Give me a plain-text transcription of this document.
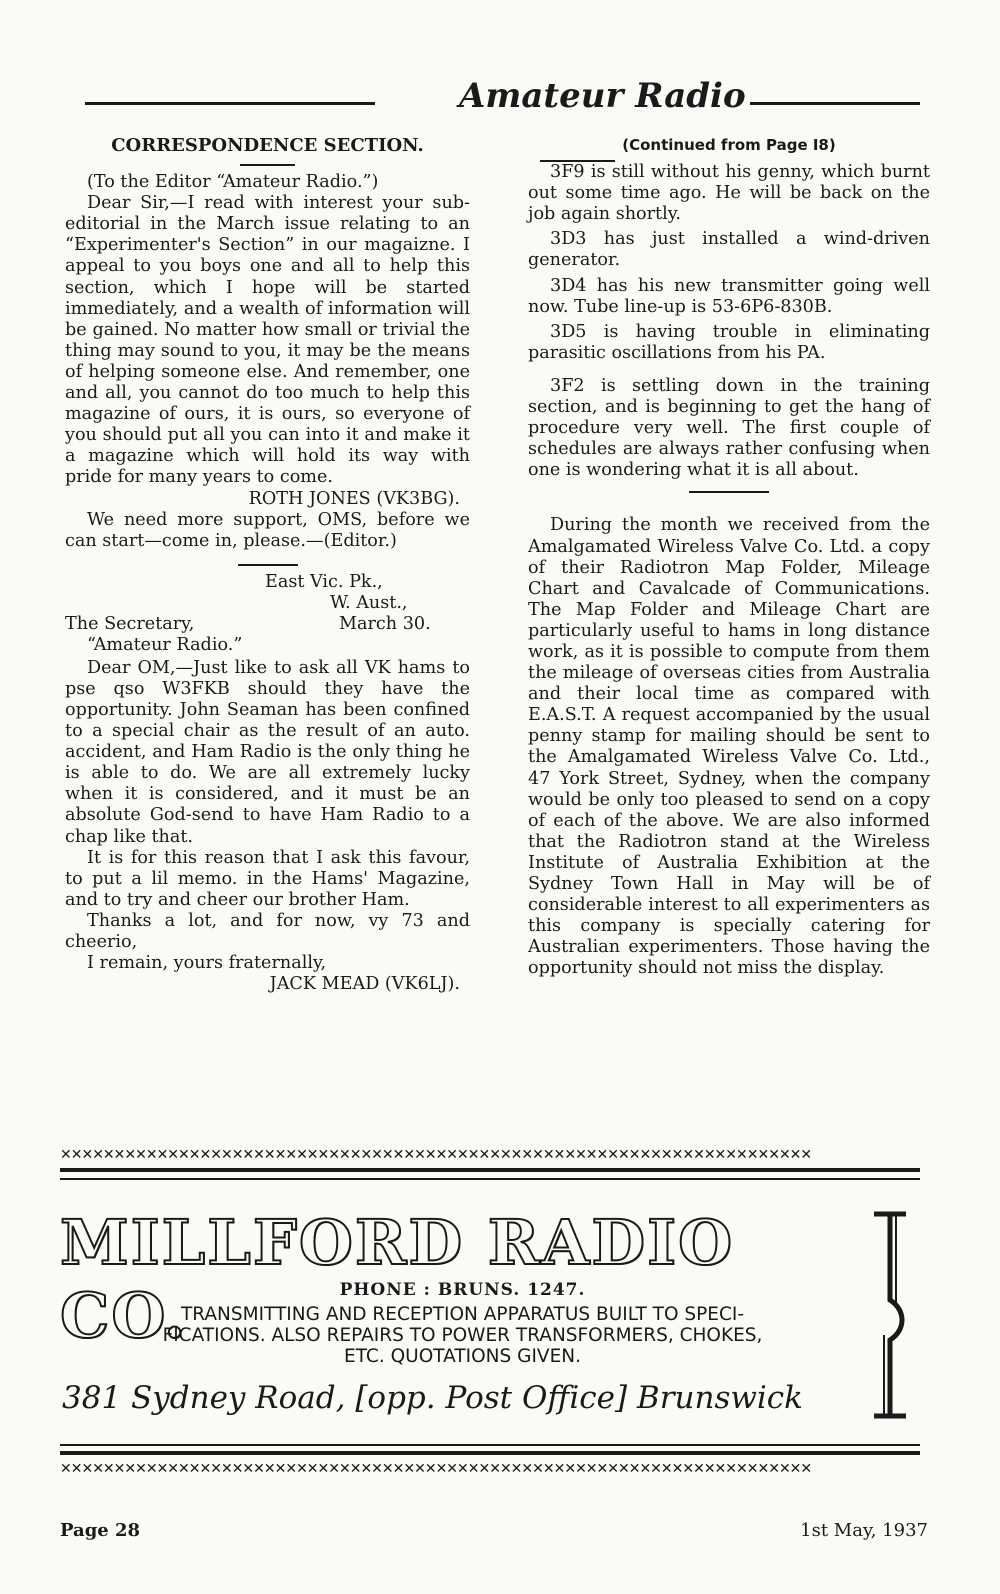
Amateur Radio

CORRESPONDENCE SECTION.

(To the Editor “Amateur Radio.”)

Dear Sir,—I read with interest your sub-editorial in the March issue relating to an “Experimenter's Section” in our magaizne. I appeal to you boys one and all to help this section, which I hope will be started immediately, and a wealth of information will be gained. No matter how small or trivial the thing may sound to you, it may be the means of helping someone else. And remember, one and all, you cannot do too much to help this magazine of ours, it is ours, so everyone of you should put all you can into it and make it a magazine which will hold its way with pride for many years to come.

ROTH JONES (VK3BG).

We need more support, OMS, before we can start—come in, please.—(Editor.)

East Vic. Pk.,
W. Aust.,
The Secretary,	March 30.
“Amateur Radio.”

Dear OM,—Just like to ask all VK hams to pse qso W3FKB should they have the opportunity. John Seaman has been confined to a special chair as the result of an auto. accident, and Ham Radio is the only thing he is able to do. We are all extremely lucky when it is considered, and it must be an absolute God-send to have Ham Radio to a chap like that.

It is for this reason that I ask this favour, to put a lil memo. in the Hams' Magazine, and to try and cheer our brother Ham.

Thanks a lot, and for now, vy 73 and cheerio,

I remain, yours fraternally,

JACK MEAD (VK6LJ).

(Continued from Page I8)

3F9 is still without his genny, which burnt out some time ago. He will be back on the job again shortly.

3D3 has just installed a wind-driven generator.

3D4 has his new transmitter going well now. Tube line-up is 53-6P6-830B.

3D5 is having trouble in eliminating parasitic oscillations from his PA.

3F2 is settling down in the training section, and is beginning to get the hang of procedure very well. The first couple of schedules are always rather confusing when one is wondering what it is all about.

During the month we received from the Amalgamated Wireless Valve Co. Ltd. a copy of their Radiotron Map Folder, Mileage Chart and Cavalcade of Communications. The Map Folder and Mileage Chart are particularly useful to hams in long distance work, as it is possible to compute from them the mileage of overseas cities from Australia and their local time as compared with E.A.S.T. A request accompanied by the usual penny stamp for mailing should be sent to the Amalgamated Wireless Valve Co. Ltd., 47 York Street, Sydney, when the company would be only too pleased to send on a copy of each of the above. We are also informed that the Radiotron stand at the Wireless Institute of Australia Exhibition at the Sydney Town Hall in May will be of considerable interest to all experimenters as this company is specially catering for Australian experimenters. Those having the opportunity should not miss the display.

✕✕✕✕✕✕✕✕✕✕✕✕✕✕✕✕✕✕✕✕✕✕✕✕✕✕✕✕✕✕✕✕✕✕✕✕✕✕✕✕✕✕✕✕✕✕✕✕✕✕✕✕✕✕✕✕✕✕✕✕✕✕✕✕✕✕✕✕✕✕
MILLFORD RADIO CO.	PHONE : BRUNS. 1247.
TRANSMITTING AND RECEPTION APPARATUS BUILT TO SPECI-
FICATIONS. ALSO REPAIRS TO POWER TRANSFORMERS, CHOKES,
ETC. QUOTATIONS GIVEN.
381 Sydney Road, [opp. Post Office] Brunswick
✕✕✕✕✕✕✕✕✕✕✕✕✕✕✕✕✕✕✕✕✕✕✕✕✕✕✕✕✕✕✕✕✕✕✕✕✕✕✕✕✕✕✕✕✕✕✕✕✕✕✕✕✕✕✕✕✕✕✕✕✕✕✕✕✕✕✕✕✕✕
Page 28	1st May, 1937
